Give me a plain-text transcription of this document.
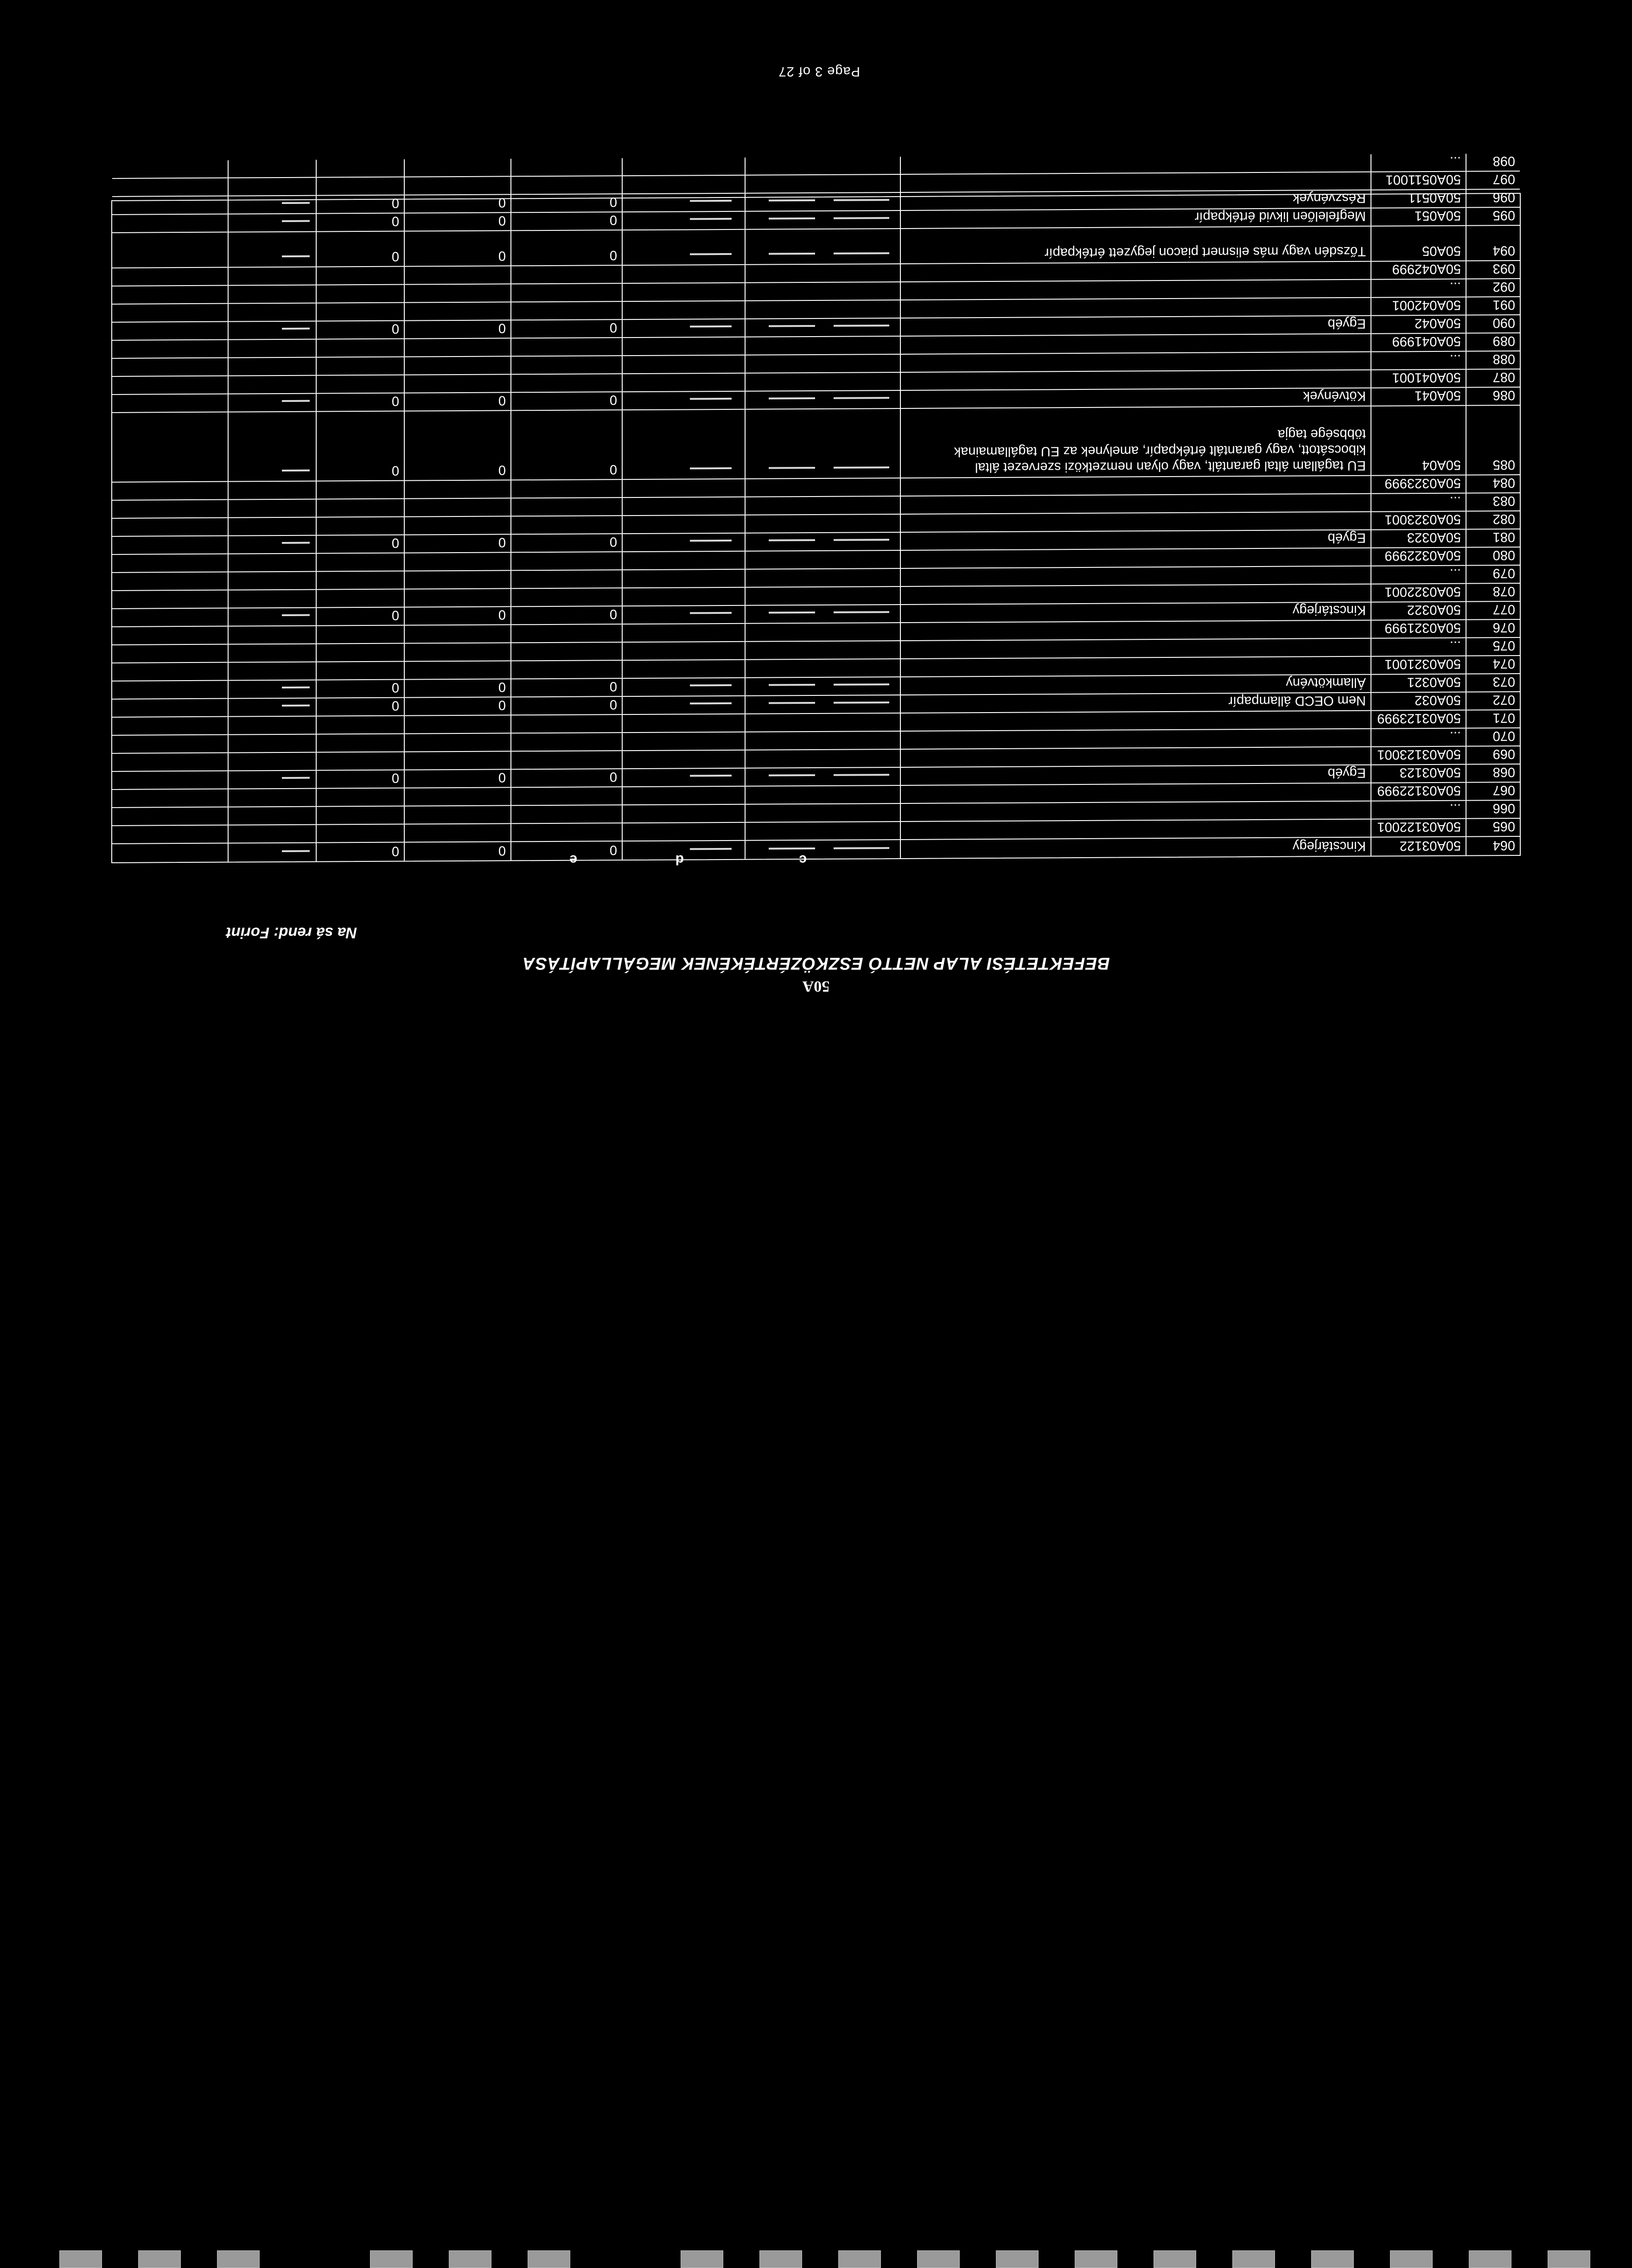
50A
BEFEKTETÉSI ALAP NETTÓ ESZKÖZÉRTÉKÉNEK MEGÁLLAPÍTÁSA
Na sá rend: Forint
c
d
e
064
50A03122
Kincstárjegy
0
0
0
065
50A03122001
066
...
067
50A03122999
068
50A03123
Egyéb
0
0
0
069
50A03123001
070
...
071
50A03123999
072
50A032
Nem OECD állampapír
0
0
0
073
50A0321
Államkötvény
0
0
0
074
50A0321001
075
...
076
50A0321999
077
50A0322
Kincstárjegy
0
0
0
078
50A0322001
079
...
080
50A0322999
081
50A0323
Egyéb
0
0
0
082
50A0323001
083
...
084
50A0323999
085
50A04
EU tagállam által garantált, vagy olyan nemzetközi szervezet által kibocsátott, vagy garantált értékpapír, amelynek az EU tagállamainak többsége tagja
0
0
0
086
50A041
Kötvények
0
0
0
087
50A041001
088
...
089
50A041999
090
50A042
Egyéb
0
0
0
091
50A042001
092
...
093
50A042999
094
50A05
Tőzsdén vagy más elismert piacon jegyzett értékpapír
0
0
0
095
50A051
Megfelelően likvid értékpapír
0
0
0
096
50A0511
Részvények
0
0
0
097
50A0511001
098
...
Page 3 of 27
